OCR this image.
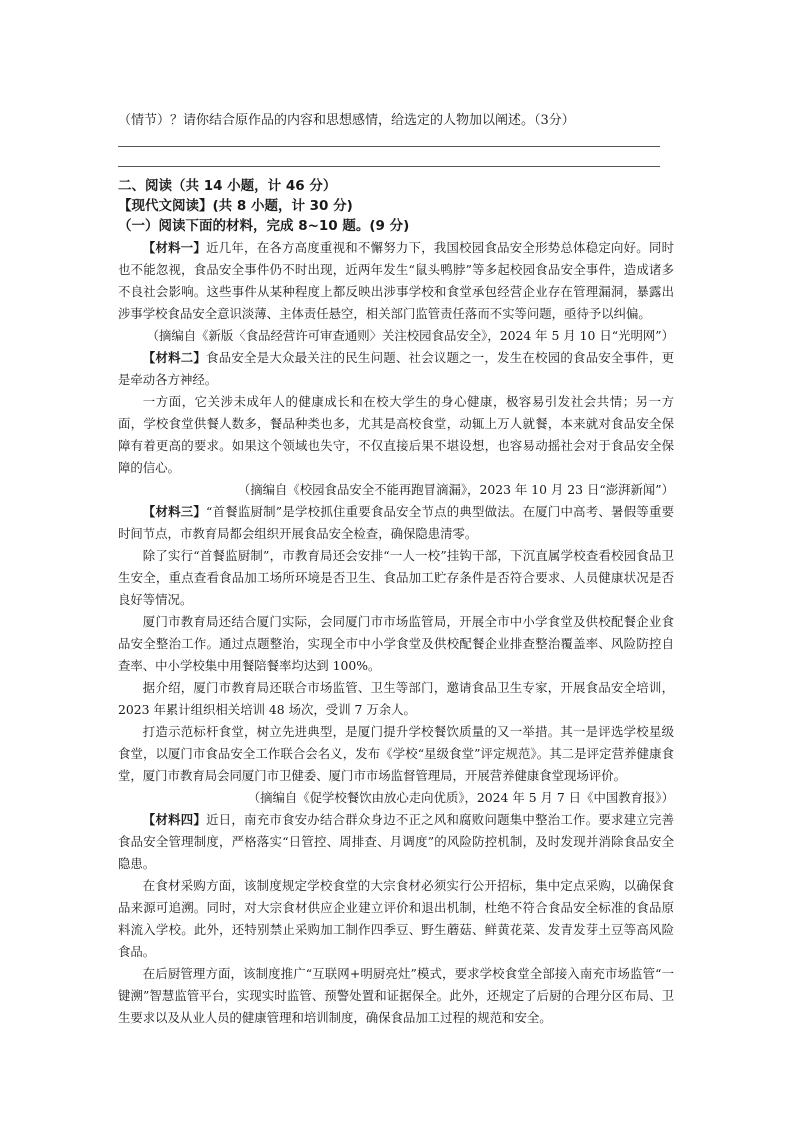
（情节）？请你结合原作品的内容和思想感情，给选定的人物加以阐述。（3分）
二、阅读（共 14 小题，计 46 分）
【现代文阅读】(共 8 小题，计 30 分)
（一）阅读下面的材料，完成 8~10 题。(9 分)

【材料一】近几年，在各方高度重视和不懈努力下，我国校园食品安全形势总体稳定向好。同时也不能忽视，食品安全事件仍不时出现，近两年发生“鼠头鸭脖”等多起校园食品安全事件，造成诸多不良社会影响。这些事件从某种程度上都反映出涉事学校和食堂承包经营企业存在管理漏洞，暴露出涉事学校食品安全意识淡薄、主体责任悬空，相关部门监管责任落而不实等问题，亟待予以纠偏。

（摘编自《新版〈食品经营许可审查通则〉关注校园食品安全》，2024 年 5 月 10 日“光明网”）

【材料二】食品安全是大众最关注的民生问题、社会议题之一，发生在校园的食品安全事件，更是牵动各方神经。

一方面，它关涉未成年人的健康成长和在校大学生的身心健康，极容易引发社会共情；另一方面，学校食堂供餐人数多，餐品种类也多，尤其是高校食堂，动辄上万人就餐，本来就对食品安全保障有着更高的要求。如果这个领域也失守，不仅直接后果不堪设想，也容易动摇社会对于食品安全保障的信心。

（摘编自《校园食品安全不能再跑冒滴漏》，2023 年 10 月 23 日“澎湃新闻”）

【材料三】“首餐监厨制”是学校抓住重要食品安全节点的典型做法。在厦门中高考、暑假等重要时间节点，市教育局都会组织开展食品安全检查，确保隐患清零。

除了实行“首餐监厨制”，市教育局还会安排“一人一校”挂钩干部，下沉直属学校查看校园食品卫生安全，重点查看食品加工场所环境是否卫生、食品加工贮存条件是否符合要求、人员健康状况是否良好等情况。

厦门市教育局还结合厦门实际，会同厦门市市场监管局，开展全市中小学食堂及供校配餐企业食品安全整治工作。通过点题整治，实现全市中小学食堂及供校配餐企业排查整治覆盖率、风险防控自查率、中小学校集中用餐陪餐率均达到 100%。

据介绍，厦门市教育局还联合市场监管、卫生等部门，邀请食品卫生专家，开展食品安全培训，2023 年累计组织相关培训 48 场次，受训 7 万余人。

打造示范标杆食堂，树立先进典型，是厦门提升学校餐饮质量的又一举措。其一是评选学校星级食堂，以厦门市食品安全工作联合会名义，发布《学校“星级食堂”评定规范》。其二是评定营养健康食堂，厦门市教育局会同厦门市卫健委、厦门市市场监督管理局，开展营养健康食堂现场评价。

（摘编自《促学校餐饮由放心走向优质》，2024 年 5 月 7 日《中国教育报》）

【材料四】近日，南充市食安办结合群众身边不正之风和腐败问题集中整治工作。要求建立完善食品安全管理制度，严格落实“日管控、周排查、月调度”的风险防控机制，及时发现并消除食品安全隐患。

在食材采购方面，该制度规定学校食堂的大宗食材必须实行公开招标，集中定点采购，以确保食品来源可追溯。同时，对大宗食材供应企业建立评价和退出机制，杜绝不符合食品安全标准的食品原料流入学校。此外，还特别禁止采购加工制作四季豆、野生蘑菇、鲜黄花菜、发青发芽土豆等高风险食品。

在后厨管理方面，该制度推广“互联网+明厨亮灶”模式，要求学校食堂全部接入南充市场监管“一键溯”智慧监管平台，实现实时监管、预警处置和证据保全。此外，还规定了后厨的合理分区布局、卫生要求以及从业人员的健康管理和培训制度，确保食品加工过程的规范和安全。
